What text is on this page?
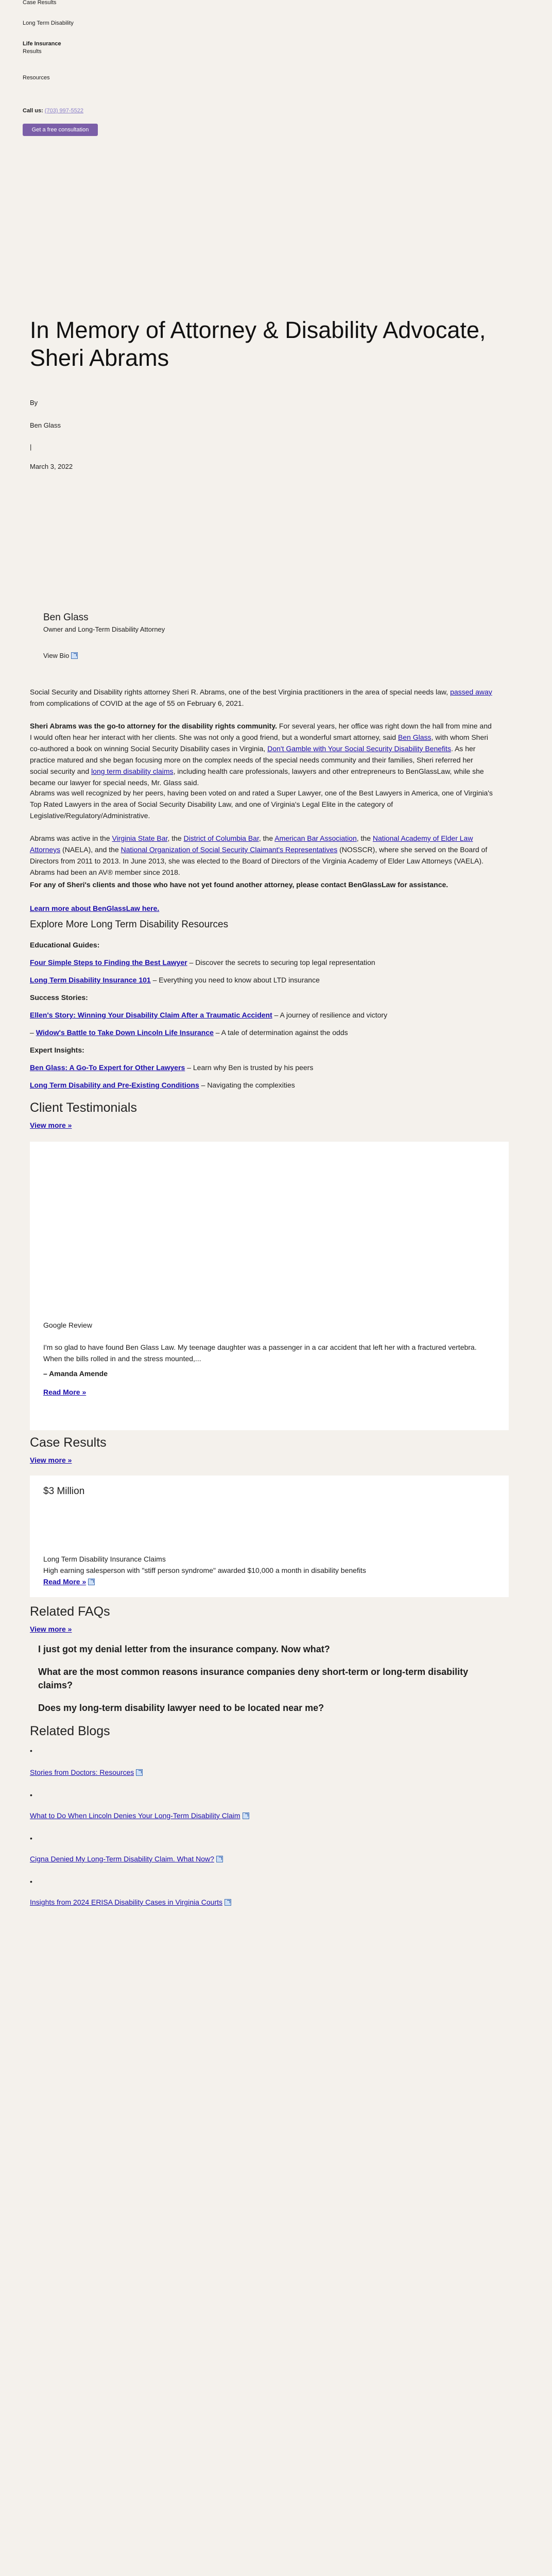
Case Results
Long Term Disability
Life Insurance
Results
Resources
Call us: (703) 997-5522
Get a free consultation
In Memory of Attorney & Disability Advocate, Sheri Abrams
By
Ben Glass
|
March 3, 2022
Ben Glass
Owner and Long-Term Disability Attorney
View Bio

Social Security and Disability rights attorney Sheri R. Abrams, one of the best Virginia practitioners in the area of special needs law, passed away from complications of COVID at the age of 55 on February 6, 2021.

Sheri Abrams was the go-to attorney for the disability rights community. For several years, her office was right down the hall from mine and I would often hear her interact with her clients. She was not only a good friend, but a wonderful smart attorney, said Ben Glass, with whom Sheri co-authored a book on winning Social Security Disability cases in Virginia, Don't Gamble with Your Social Security Disability Benefits. As her practice matured and she began focusing more on the complex needs of the special needs community and their families, Sheri referred her social security and long term disability claims, including health care professionals, lawyers and other entrepreneurs to BenGlassLaw, while she became our lawyer for special needs, Mr. Glass said.

Abrams was well recognized by her peers, having been voted on and rated a Super Lawyer, one of the Best Lawyers in America, one of Virginia's Top Rated Lawyers in the area of Social Security Disability Law, and one of Virginia's Legal Elite in the category of Legislative/Regulatory/Administrative.

Abrams was active in the Virginia State Bar, the District of Columbia Bar, the American Bar Association, the National Academy of Elder Law Attorneys (NAELA), and the National Organization of Social Security Claimant's Representatives (NOSSCR), where she served on the Board of Directors from 2011 to 2013. In June 2013, she was elected to the Board of Directors of the Virginia Academy of Elder Law Attorneys (VAELA). Abrams had been an AV® member since 2018.

For any of Sheri's clients and those who have not yet found another attorney, please contact BenGlassLaw for assistance.

Learn more about BenGlassLaw here.

Explore More Long Term Disability Resources
Educational Guides:
Four Simple Steps to Finding the Best Lawyer – Discover the secrets to securing top legal representation
Long Term Disability Insurance 101 – Everything you need to know about LTD insurance
Success Stories:
Ellen's Story: Winning Your Disability Claim After a Traumatic Accident – A journey of resilience and victory
– Widow's Battle to Take Down Lincoln Life Insurance – A tale of determination against the odds
Expert Insights:
Ben Glass: A Go-To Expert for Other Lawyers – Learn why Ben is trusted by his peers
Long Term Disability and Pre-Existing Conditions – Navigating the complexities
Client Testimonials
View more »
Google Review
I'm so glad to have found Ben Glass Law. My teenage daughter was a passenger in a car accident that left her with a fractured vertebra. When the bills rolled in and the stress mounted,...
– Amanda Amende
Read More »
Case Results
View more »
$3 Million
Long Term Disability Insurance Claims
High earning salesperson with "stiff person syndrome" awarded $10,000 a month in disability benefits
Read More »
Related FAQs
View more »
I just got my denial letter from the insurance company. Now what?
What are the most common reasons insurance companies deny short-term or long-term disability claims?
Does my long-term disability lawyer need to be located near me?
Related Blogs
•
Stories from Doctors: Resources
•
What to Do When Lincoln Denies Your Long-Term Disability Claim
•
Cigna Denied My Long-Term Disability Claim. What Now?
•
Insights from 2024 ERISA Disability Cases in Virginia Courts
